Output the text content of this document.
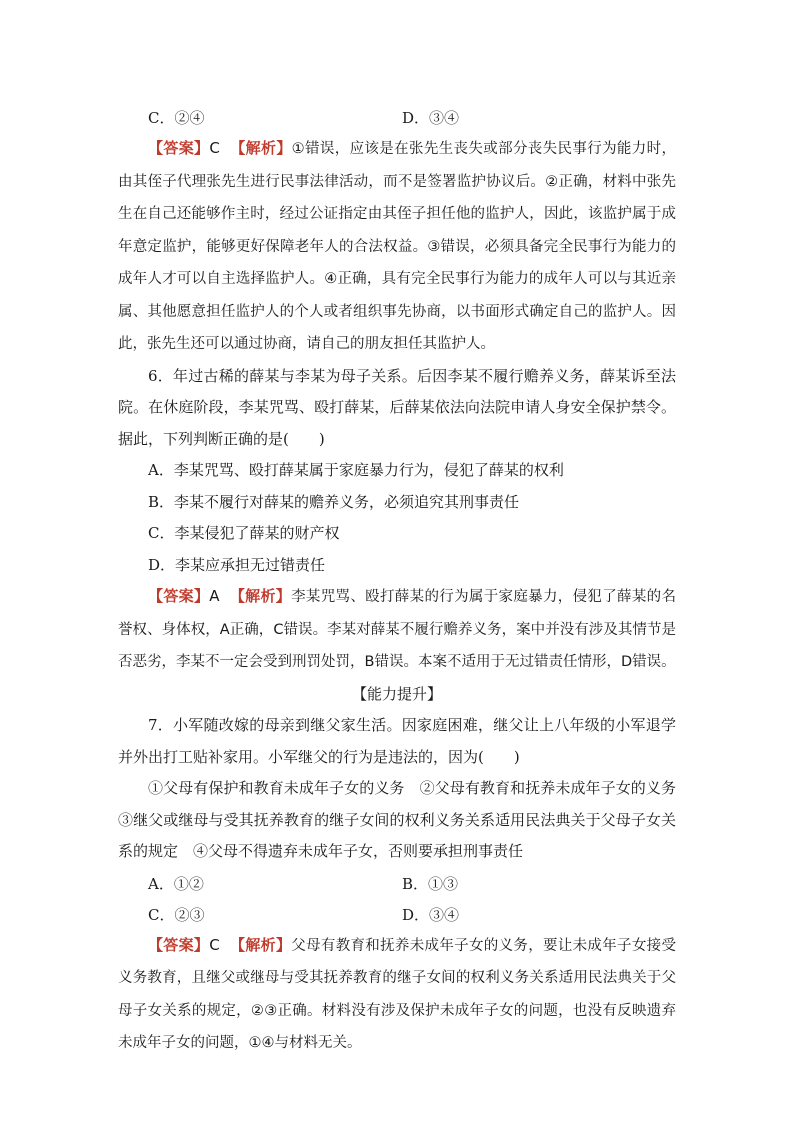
C．②④	D．③④

【答案】C 【解析】①错误，应该是在张先生丧失或部分丧失民事行为能力时，由其侄子代理张先生进行民事法律活动，而不是签署监护协议后。②正确，材料中张先生在自己还能够作主时，经过公证指定由其侄子担任他的监护人，因此，该监护属于成年意定监护，能够更好保障老年人的合法权益。③错误，必须具备完全民事行为能力的成年人才可以自主选择监护人。④正确，具有完全民事行为能力的成年人可以与其近亲属、其他愿意担任监护人的个人或者组织事先协商，以书面形式确定自己的监护人。因此，张先生还可以通过协商，请自己的朋友担任其监护人。

6．年过古稀的薛某与李某为母子关系。后因李某不履行赡养义务，薛某诉至法院。在休庭阶段，李某咒骂、殴打薛某，后薛某依法向法院申请人身安全保护禁令。据此，下列判断正确的是(　　)

A．李某咒骂、殴打薛某属于家庭暴力行为，侵犯了薛某的权利

B．李某不履行对薛某的赡养义务，必须追究其刑事责任

C．李某侵犯了薛某的财产权

D．李某应承担无过错责任

【答案】A 【解析】李某咒骂、殴打薛某的行为属于家庭暴力，侵犯了薛某的名誉权、身体权，A正确，C错误。李某对薛某不履行赡养义务，案中并没有涉及其情节是否恶劣，李某不一定会受到刑罚处罚，B错误。本案不适用于无过错责任情形，D错误。

【能力提升】

7．小军随改嫁的母亲到继父家生活。因家庭困难，继父让上八年级的小军退学并外出打工贴补家用。小军继父的行为是违法的，因为(　　)

①父母有保护和教育未成年子女的义务　②父母有教育和抚养未成年子女的义务　③继父或继母与受其抚养教育的继子女间的权利义务关系适用民法典关于父母子女关系的规定　④父母不得遗弃未成年子女，否则要承担刑事责任

A．①②	B．①③
C．②③	D．③④

【答案】C 【解析】父母有教育和抚养未成年子女的义务，要让未成年子女接受义务教育，且继父或继母与受其抚养教育的继子女间的权利义务关系适用民法典关于父母子女关系的规定，②③正确。材料没有涉及保护未成年子女的问题，也没有反映遗弃未成年子女的问题，①④与材料无关。
